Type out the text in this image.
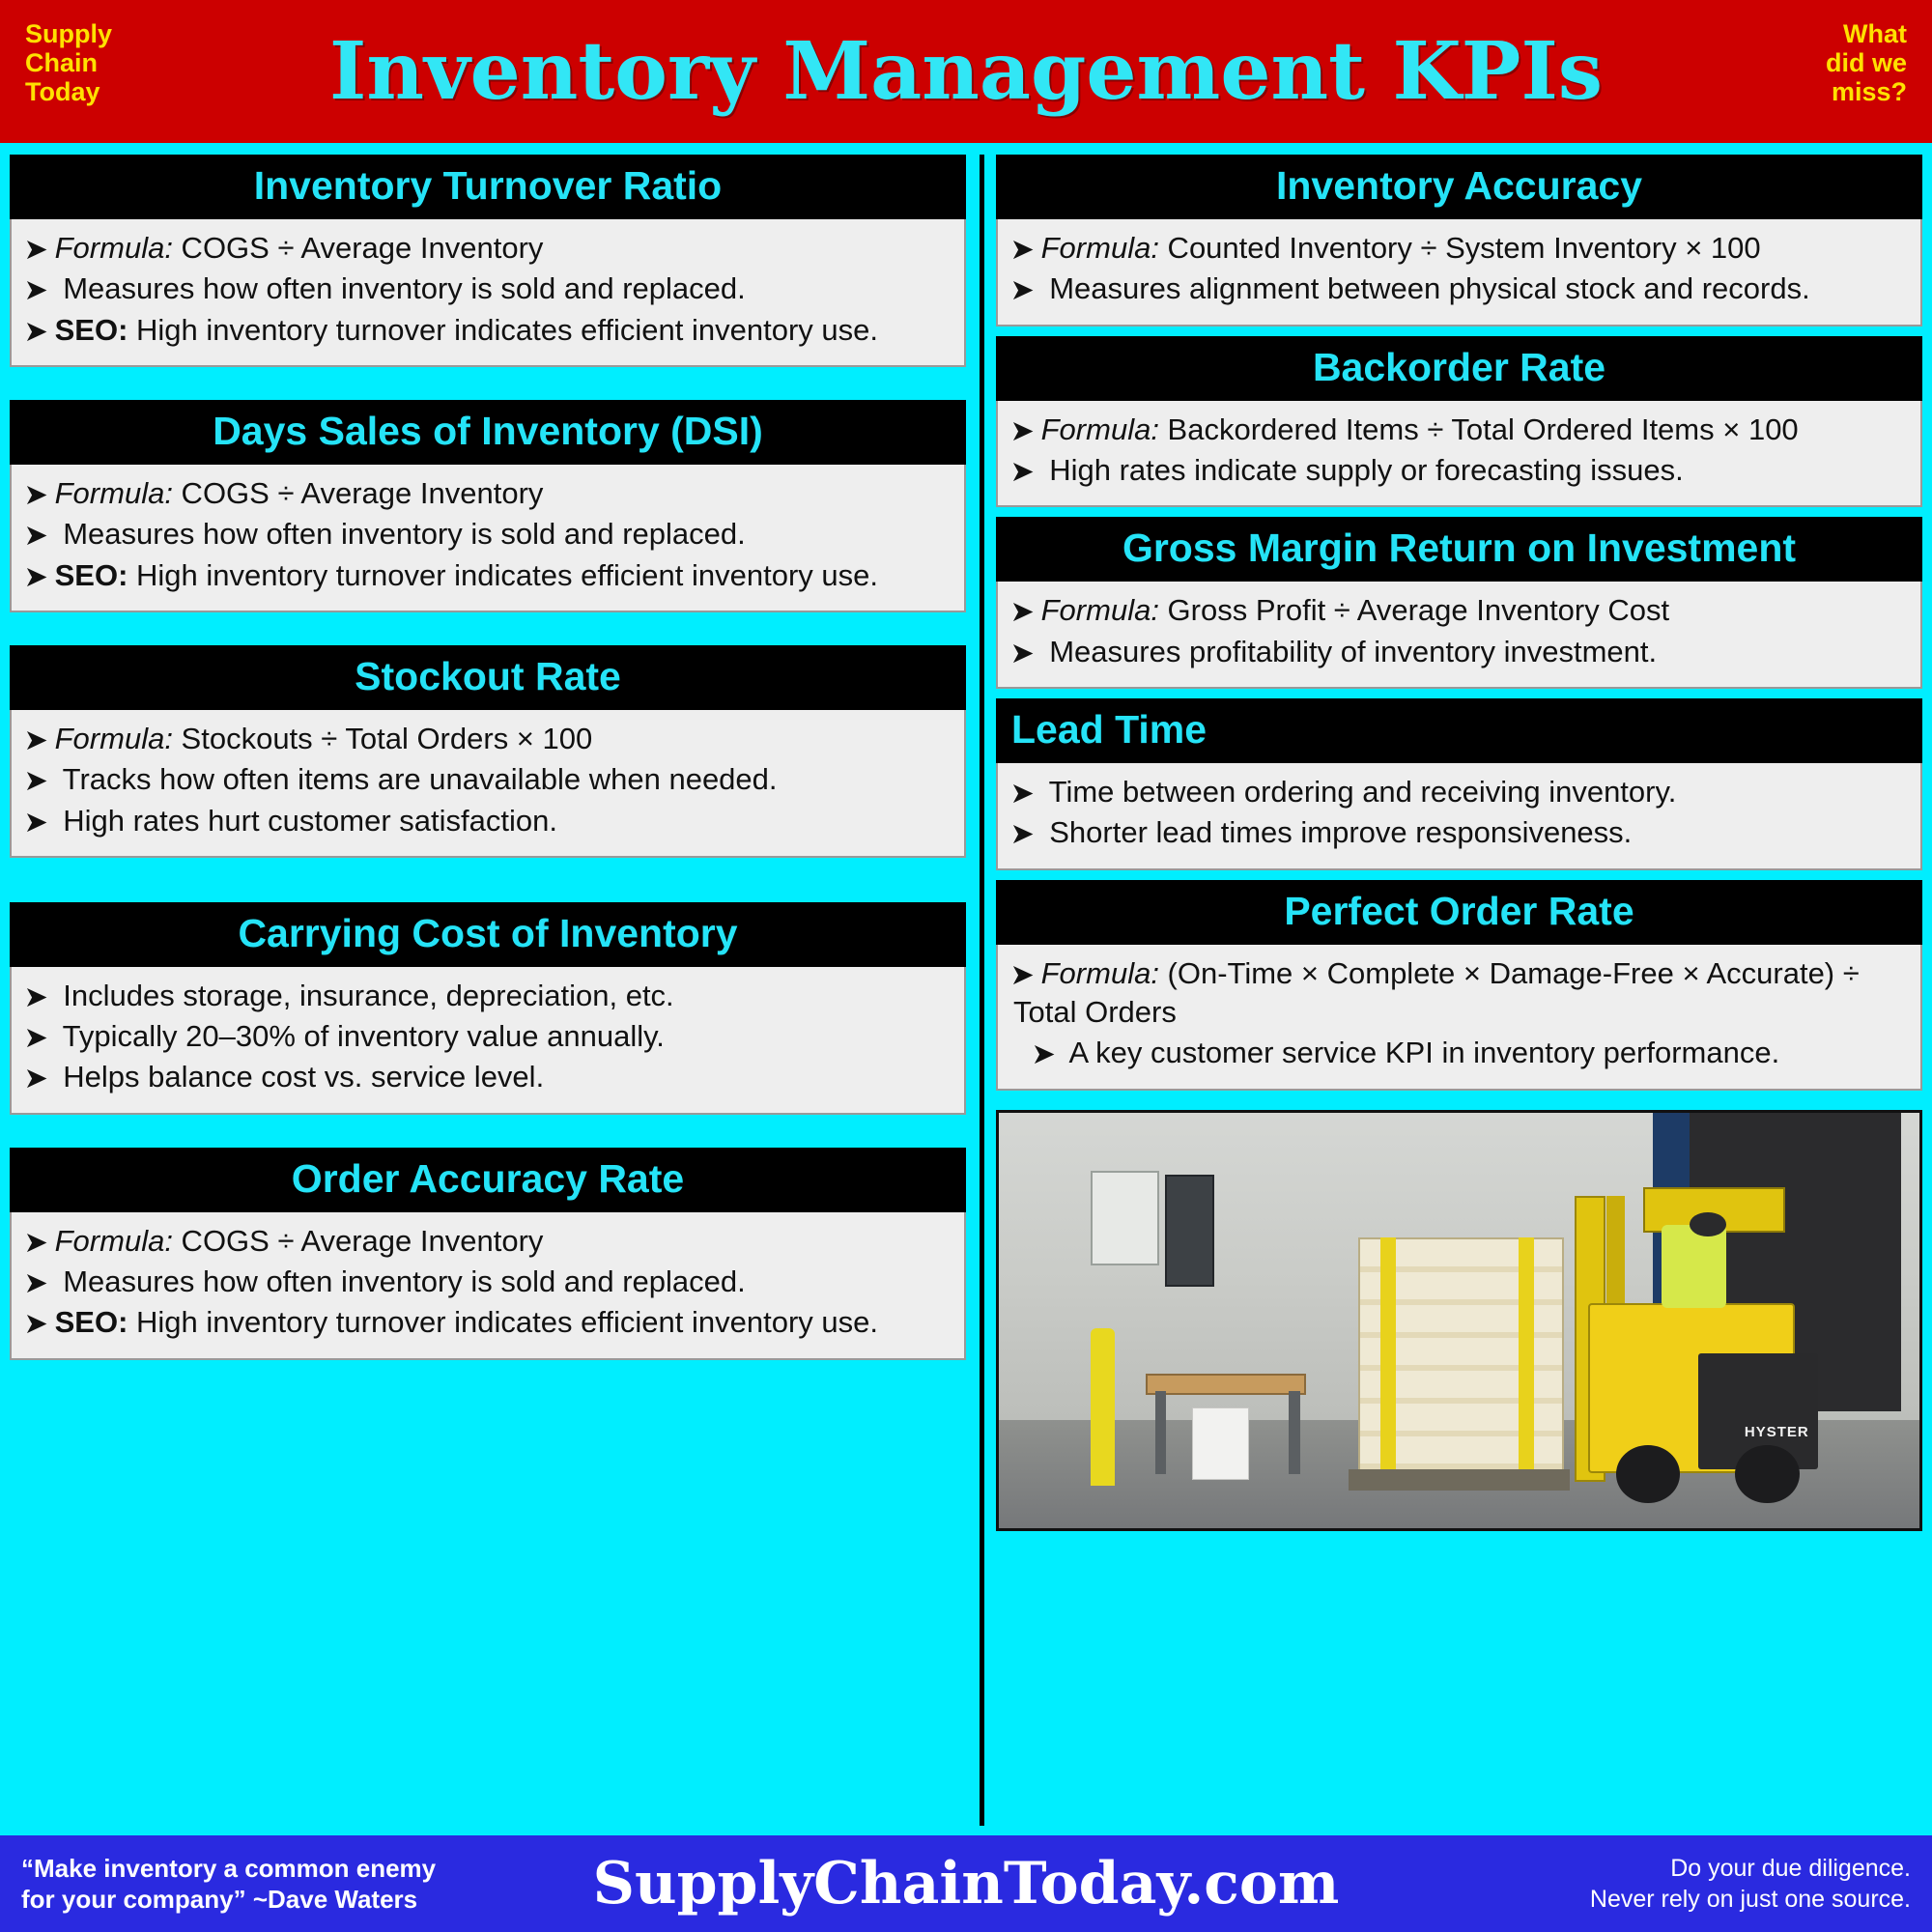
Supply
Chain
Today	Inventory Management KPIs	What
did we
miss?
Inventory Turnover Ratio

➤ Formula: COGS ÷ Average Inventory

➤ Measures how often inventory is sold and replaced.

➤ SEO: High inventory turnover indicates efficient inventory use.

Days Sales of Inventory (DSI)

➤ Formula: COGS ÷ Average Inventory

➤ Measures how often inventory is sold and replaced.

➤ SEO: High inventory turnover indicates efficient inventory use.

Stockout Rate

➤ Formula: Stockouts ÷ Total Orders × 100

➤ Tracks how often items are unavailable when needed.

➤ High rates hurt customer satisfaction.

Carrying Cost of Inventory

➤ Includes storage, insurance, depreciation, etc.

➤ Typically 20–30% of inventory value annually.

➤ Helps balance cost vs. service level.

Order Accuracy Rate

➤ Formula: COGS ÷ Average Inventory

➤ Measures how often inventory is sold and replaced.

➤ SEO: High inventory turnover indicates efficient inventory use.

Inventory Accuracy

➤ Formula: Counted Inventory ÷ System Inventory × 100

➤ Measures alignment between physical stock and records.

Backorder Rate

➤ Formula: Backordered Items ÷ Total Ordered Items × 100

➤ High rates indicate supply or forecasting issues.

Gross Margin Return on Investment

➤ Formula: Gross Profit ÷ Average Inventory Cost

➤ Measures profitability of inventory investment.

Lead Time

➤ Time between ordering and receiving inventory.

➤ Shorter lead times improve responsiveness.

Perfect Order Rate

➤ Formula: (On-Time × Complete × Damage-Free × Accurate) ÷ Total Orders

➤ A key customer service KPI in inventory performance.

HYSTER
“Make inventory a common enemy
for your company” ~Dave Waters	SupplyChainToday.com	Do your due diligence.
Never rely on just one source.
